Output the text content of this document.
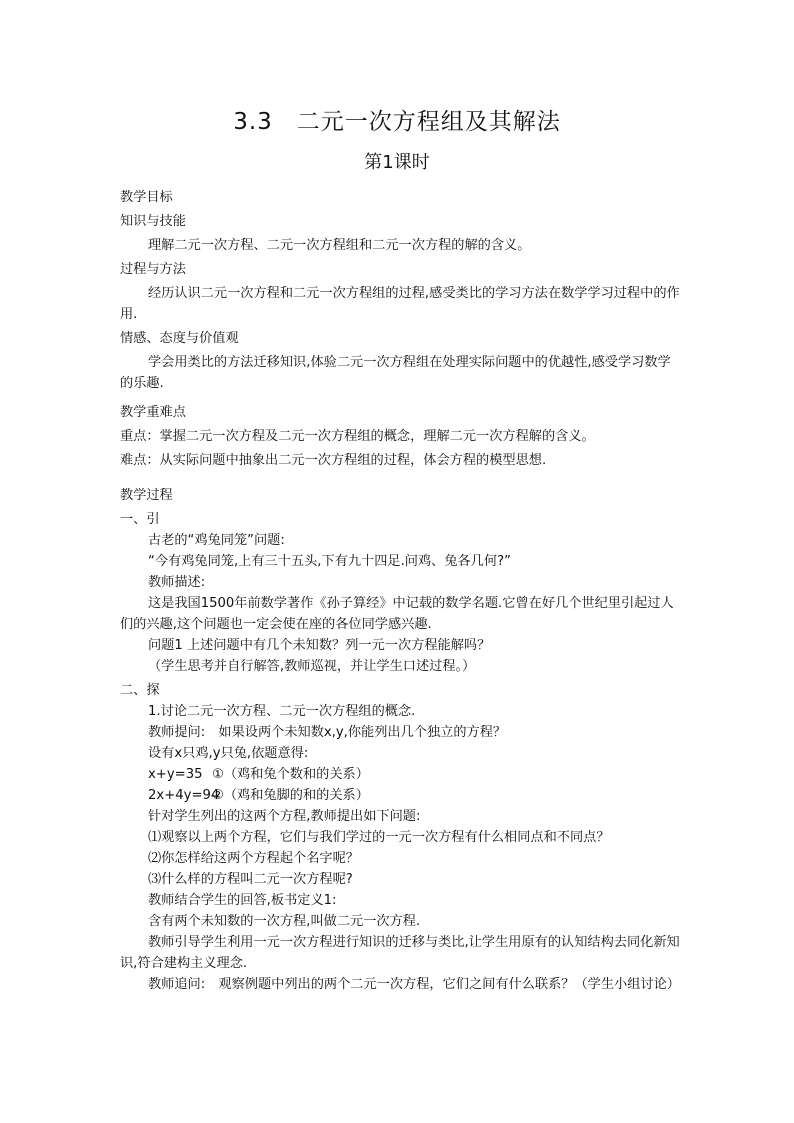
3.3　二元一次方程组及其解法
第1课时

教学目标

知识与技能

理解二元一次方程、二元一次方程组和二元一次方程的解的含义。

过程与方法

经历认识二元一次方程和二元一次方程组的过程,感受类比的学习方法在数学学习过程中的作用.

情感、态度与价值观

学会用类比的方法迁移知识,体验二元一次方程组在处理实际问题中的优越性,感受学习数学的乐趣.

教学重难点

重点：掌握二元一次方程及二元一次方程组的概念，理解二元一次方程解的含义。

难点：从实际问题中抽象出二元一次方程组的过程，体会方程的模型思想.

教学过程

一、引

古老的“鸡兔同笼”问题:

“今有鸡兔同笼,上有三十五头,下有九十四足.问鸡、兔各几何?”

教师描述:

这是我国1500年前数学著作《孙子算经》中记载的数学名题.它曾在好几个世纪里引起过人们的兴趣,这个问题也一定会使在座的各位同学感兴趣.

问题1 上述问题中有几个未知数？列一元一次方程能解吗？

（学生思考并自行解答,教师巡视，并让学生口述过程。）

二、探

1.讨论二元一次方程、二元一次方程组的概念.

教师提问:　如果设两个未知数x,y,你能列出几个独立的方程？

设有x只鸡,y只兔,依题意得:

x+y=35 ①（鸡和兔个数和的关系）

2x+4y=94②（鸡和兔脚的和的关系）

针对学生列出的这两个方程,教师提出如下问题:

⑴观察以上两个方程，它们与我们学过的一元一次方程有什么相同点和不同点？

⑵你怎样给这两个方程起个名字呢？

⑶什么样的方程叫二元一次方程呢?

教师结合学生的回答,板书定义1:

含有两个未知数的一次方程,叫做二元一次方程.

教师引导学生利用一元一次方程进行知识的迁移与类比,让学生用原有的认知结构去同化新知识,符合建构主义理念.

教师追问:　观察例题中列出的两个二元一次方程，它们之间有什么联系？（学生小组讨论）
